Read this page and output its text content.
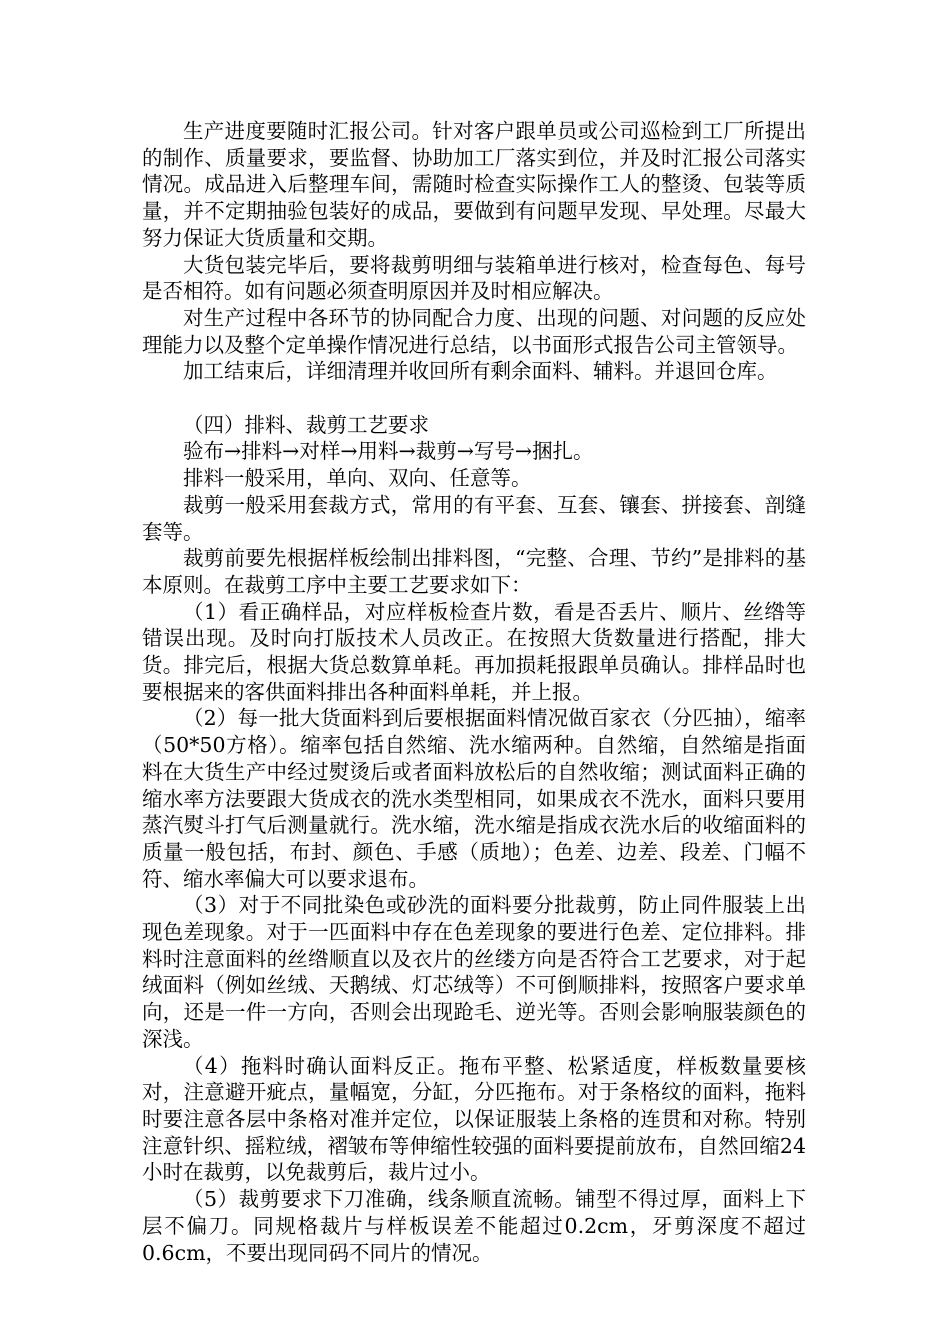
生产进度要随时汇报公司。针对客户跟单员或公司巡检到工厂所提出的制作、质量要求，要监督、协助加工厂落实到位，并及时汇报公司落实情况。成品进入后整理车间，需随时检查实际操作工人的整烫、包装等质量，并不定期抽验包装好的成品，要做到有问题早发现、早处理。尽最大努力保证大货质量和交期。

大货包装完毕后，要将裁剪明细与装箱单进行核对，检查每色、每号是否相符。如有问题必须查明原因并及时相应解决。

对生产过程中各环节的协同配合力度、出现的问题、对问题的反应处理能力以及整个定单操作情况进行总结，以书面形式报告公司主管领导。

加工结束后，详细清理并收回所有剩余面料、辅料。并退回仓库。

（四）排料、裁剪工艺要求

验布→排料→对样→用料→裁剪→写号→捆扎。

排料一般采用，单向、双向、任意等。

裁剪一般采用套裁方式，常用的有平套、互套、镶套、拼接套、剖缝套等。

裁剪前要先根据样板绘制出排料图，“完整、合理、节约”是排料的基本原则。在裁剪工序中主要工艺要求如下：

（1）看正确样品，对应样板检查片数，看是否丢片、顺片、丝绺等错误出现。及时向打版技术人员改正。在按照大货数量进行搭配，排大货。排完后，根据大货总数算单耗。再加损耗报跟单员确认。排样品时也要根据来的客供面料排出各种面料单耗，并上报。

（2）每一批大货面料到后要根据面料情况做百家衣（分匹抽），缩率（50*50方格）。缩率包括自然缩、洗水缩两种。自然缩，自然缩是指面料在大货生产中经过熨烫后或者面料放松后的自然收缩；测试面料正确的缩水率方法要跟大货成衣的洗水类型相同，如果成衣不洗水，面料只要用蒸汽熨斗打气后测量就行。洗水缩，洗水缩是指成衣洗水后的收缩面料的质量一般包括，布封、颜色、手感（质地）；色差、边差、段差、门幅不符、缩水率偏大可以要求退布。

（3）对于不同批染色或砂洗的面料要分批裁剪，防止同件服装上出现色差现象。对于一匹面料中存在色差现象的要进行色差、定位排料。排料时注意面料的丝绺顺直以及衣片的丝缕方向是否符合工艺要求，对于起绒面料（例如丝绒、天鹅绒、灯芯绒等）不可倒顺排料，按照客户要求单向，还是一件一方向，否则会出现跄毛、逆光等。否则会影响服装颜色的深浅。

（4）拖料时确认面料反正。拖布平整、松紧适度，样板数量要核对，注意避开疵点，量幅宽，分缸，分匹拖布。对于条格纹的面料，拖料时要注意各层中条格对准并定位，以保证服装上条格的连贯和对称。特别注意针织、摇粒绒，褶皱布等伸缩性较强的面料要提前放布，自然回缩24小时在裁剪，以免裁剪后，裁片过小。

（5）裁剪要求下刀准确，线条顺直流畅。铺型不得过厚，面料上下层不偏刀。同规格裁片与样板误差不能超过0.2cm，牙剪深度不超过0.6cm，不要出现同码不同片的情况。
